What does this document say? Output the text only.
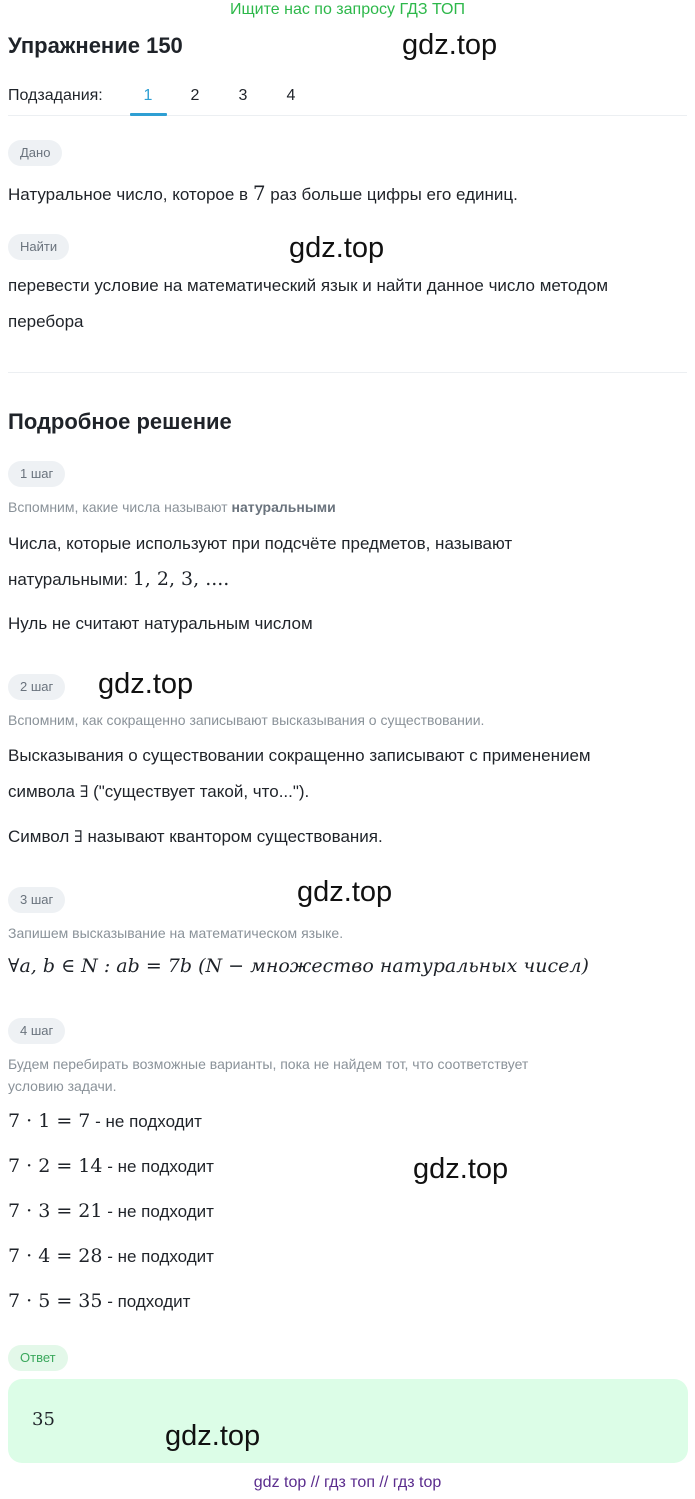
Ищите нас по запросу ГДЗ ТОП
Упражнение 150	gdz.top
Подзадания:	1	2	3	4
Дано
Натуральное число, которое в 7 раз больше цифры его единиц.
Найти	gdz.top
перевести условие на математический язык и найти данное число методом
перебора
Подробное решение
1 шаг
Вспомним, какие числа называют натуральными
Числа, которые используют при подсчёте предметов, называют
натуральными: 1, 2, 3, ....
Нуль не считают натуральным числом
2 шаг	gdz.top
Вспомним, как сокращенно записывают высказывания о существовании.
Высказывания о существовании сокращенно записывают с применением
символа ∃ ("существует такой, что...").
Символ ∃ называют квантором существования.
3 шаг	gdz.top
Запишем высказывание на математическом языке.
∀a, b ∈ N : ab = 7b (N − множество натуральных чисел)
4 шаг
Будем перебирать возможные варианты, пока не найдем тот, что соответствует
условию задачи.
7 · 1 = 7 - не подходит
7 · 2 = 14 - не подходит	gdz.top
7 · 3 = 21 - не подходит
7 · 4 = 28 - не подходит
7 · 5 = 35 - подходит
Ответ
35
gdz.top
gdz top // гдз топ // гдз top
